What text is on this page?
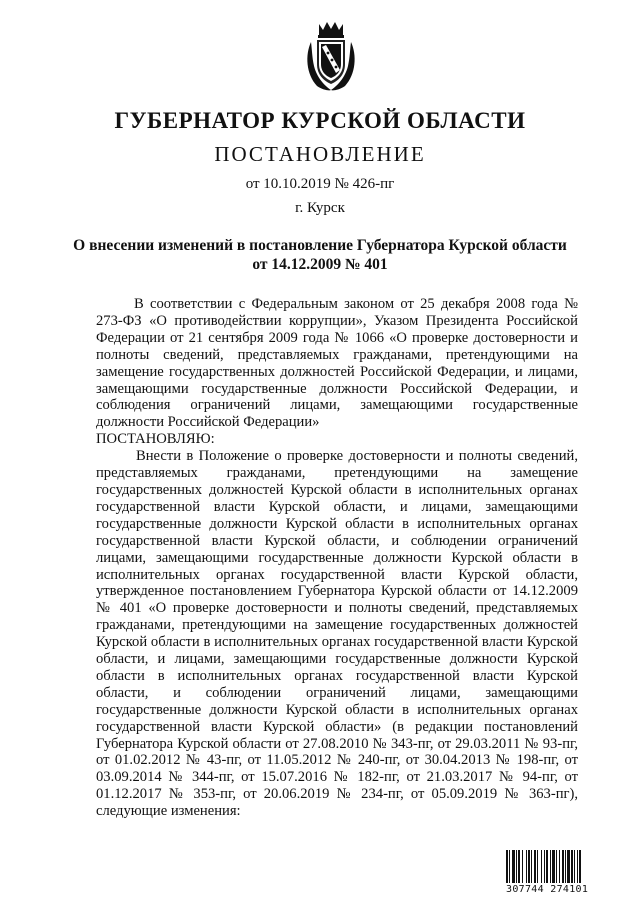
ГУБЕРНАТОР КУРСКОЙ ОБЛАСТИ
ПОСТАНОВЛЕНИЕ
от 10.10.2019 № 426-пг
г. Курск
О внесении изменений в постановление Губернатора Курской области
от 14.12.2009 № 401

В соответствии с Федеральным законом от 25 декабря 2008 года № 273-ФЗ «О противодействии коррупции», Указом Президента Российской Федерации от 21 сентября 2009 года № 1066 «О проверке достоверности и полноты сведений, представляемых гражданами, претендующими на замещение государственных должностей Российской Федерации, и лицами, замещающими государственные должности Российской Федерации, и соблюдения ограничений лицами, замещающими государственные должности Российской Федерации»

ПОСТАНОВЛЯЮ:

Внести в Положение о проверке достоверности и полноты сведений, представляемых гражданами, претендующими на замещение государственных должностей Курской области в исполнительных органах государственной власти Курской области, и лицами, замещающими государственные должности Курской области в исполнительных органах государственной власти Курской области, и соблюдении ограничений лицами, замещающими государственные должности Курской области в исполнительных органах государственной власти Курской области, утвержденное постановлением Губернатора Курской области от 14.12.2009 № 401 «О проверке достоверности и полноты сведений, представляемых гражданами, претендующими на замещение государственных должностей Курской области в исполнительных органах государственной власти Курской области, и лицами, замещающими государственные должности Курской области в исполнительных органах государственной власти Курской области, и соблюдении ограничений лицами, замещающими государственные должности Курской области в исполнительных органах государственной власти Курской области» (в редакции постановлений Губернатора Курской области от 27.08.2010 № 343-пг, от 29.03.2011 № 93-пг, от 01.02.2012 № 43-пг, от 11.05.2012 № 240-пг, от 30.04.2013 № 198-пг, от 03.09.2014 № 344-пг, от 15.07.2016 № 182-пг, от 21.03.2017 № 94-пг, от 01.12.2017 № 353-пг, от 20.06.2019 № 234-пг, от 05.09.2019 № 363-пг), следующие изменения:

307744 274101
